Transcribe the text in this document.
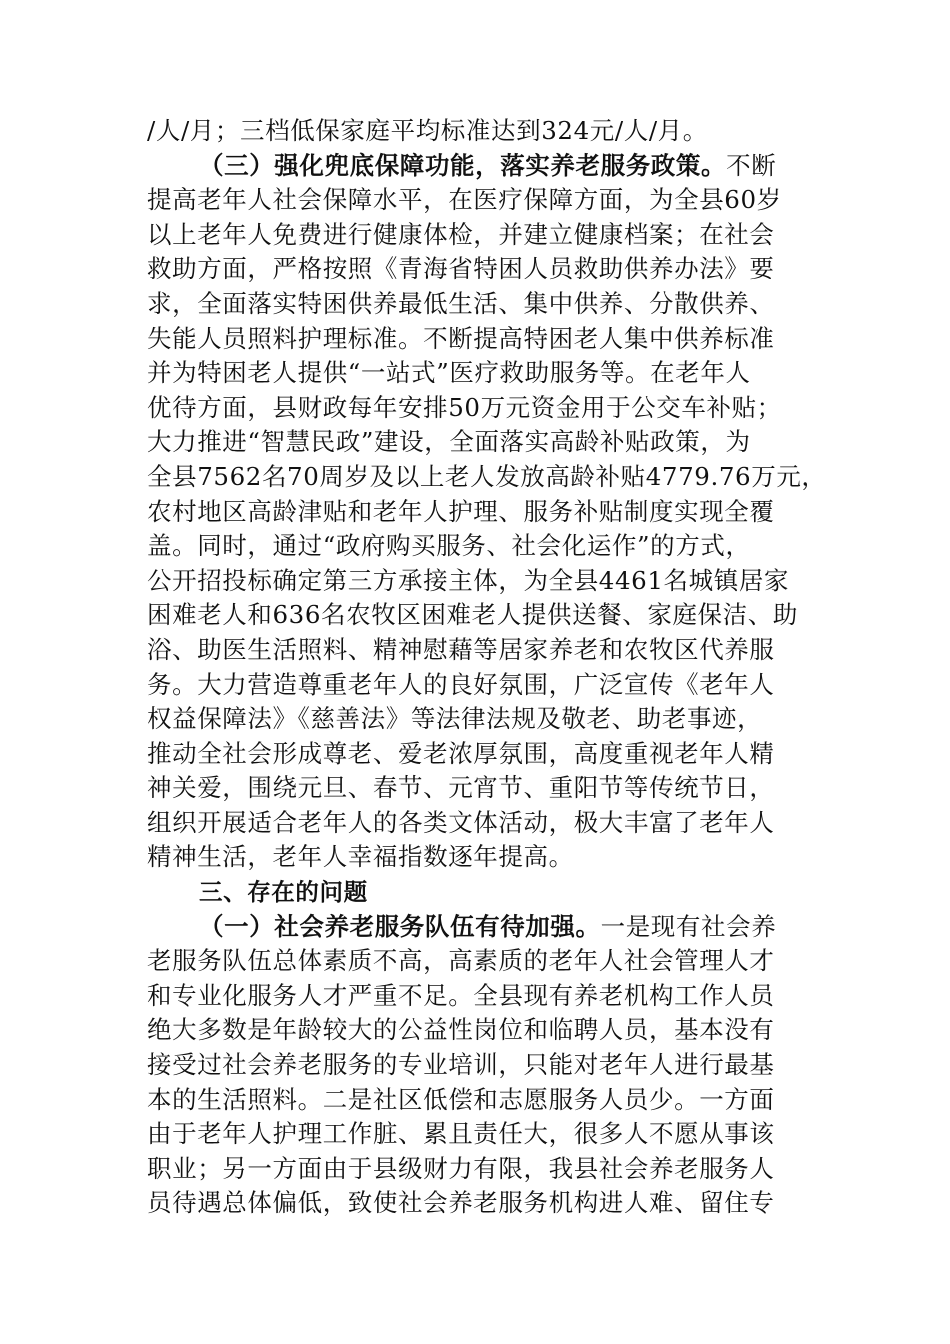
/人/月；三档低保家庭平均标准达到324元/人/月。
（三）强化兜底保障功能，落实养老服务政策。不断
提高老年人社会保障水平，在医疗保障方面，为全县60岁
以上老年人免费进行健康体检，并建立健康档案；在社会
救助方面，严格按照《青海省特困人员救助供养办法》要
求，全面落实特困供养最低生活、集中供养、分散供养、
失能人员照料护理标准。不断提高特困老人集中供养标准
并为特困老人提供“一站式”医疗救助服务等。在老年人
优待方面，县财政每年安排50万元资金用于公交车补贴；
大力推进“智慧民政”建设，全面落实高龄补贴政策，为
全县7562名70周岁及以上老人发放高龄补贴4779.76万元，
农村地区高龄津贴和老年人护理、服务补贴制度实现全覆
盖。同时，通过“政府购买服务、社会化运作”的方式，
公开招投标确定第三方承接主体，为全县4461名城镇居家
困难老人和636名农牧区困难老人提供送餐、家庭保洁、助
浴、助医生活照料、精神慰藉等居家养老和农牧区代养服
务。大力营造尊重老年人的良好氛围，广泛宣传《老年人
权益保障法》《慈善法》等法律法规及敬老、助老事迹，
推动全社会形成尊老、爱老浓厚氛围，高度重视老年人精
神关爱，围绕元旦、春节、元宵节、重阳节等传统节日，
组织开展适合老年人的各类文体活动，极大丰富了老年人
精神生活，老年人幸福指数逐年提高。
三、存在的问题
（一）社会养老服务队伍有待加强。一是现有社会养
老服务队伍总体素质不高，高素质的老年人社会管理人才
和专业化服务人才严重不足。全县现有养老机构工作人员
绝大多数是年龄较大的公益性岗位和临聘人员，基本没有
接受过社会养老服务的专业培训，只能对老年人进行最基
本的生活照料。二是社区低偿和志愿服务人员少。一方面
由于老年人护理工作脏、累且责任大，很多人不愿从事该
职业；另一方面由于县级财力有限，我县社会养老服务人
员待遇总体偏低，致使社会养老服务机构进人难、留住专
